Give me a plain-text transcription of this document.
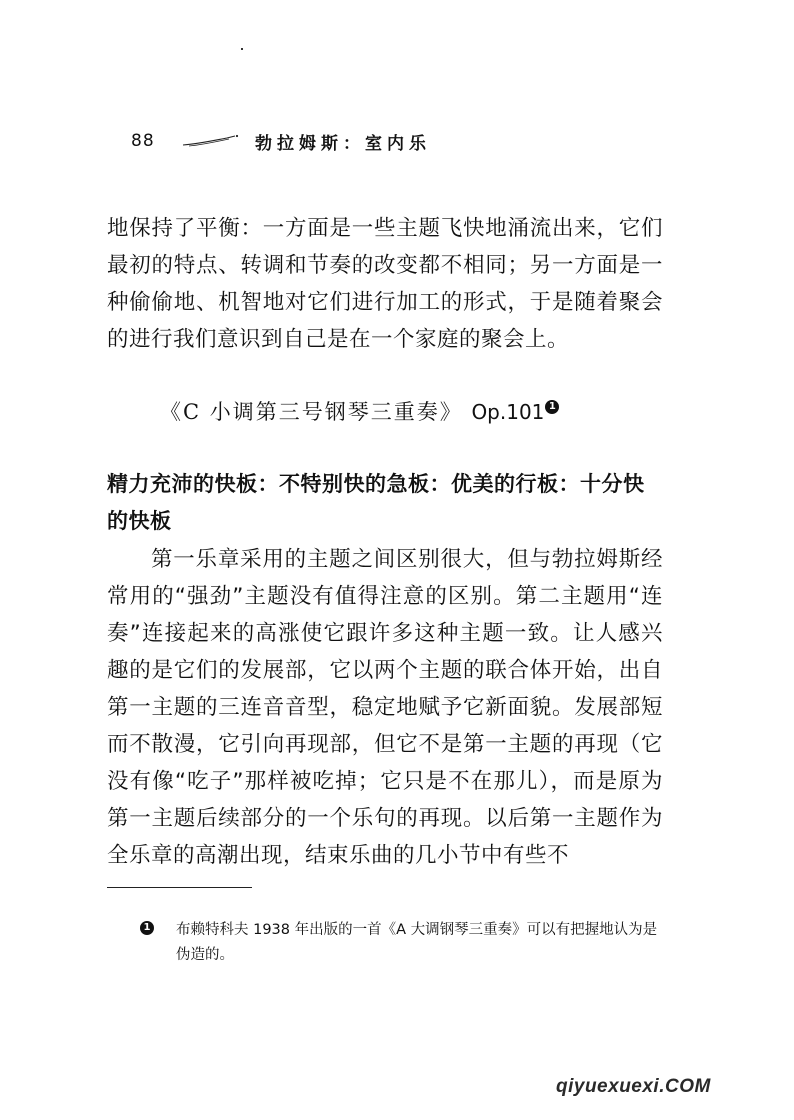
88	勃拉姆斯：室内乐

地保持了平衡：一方面是一些主题飞快地涌流出来，它们最初的特点、转调和节奏的改变都不相同；另一方面是一种偷偷地、机智地对它们进行加工的形式，于是随着聚会的进行我们意识到自己是在一个家庭的聚会上。

《C 小调第三号钢琴三重奏》 Op.101 1

精力充沛的快板：不特别快的急板：优美的行板：十分快的快板

第一乐章采用的主题之间区别很大，但与勃拉姆斯经常用的“强劲”主题没有值得注意的区别。第二主题用“连奏”连接起来的高涨使它跟许多这种主题一致。让人感兴趣的是它们的发展部，它以两个主题的联合体开始，出自第一主题的三连音音型，稳定地赋予它新面貌。发展部短而不散漫，它引向再现部，但它不是第一主题的再现（它没有像“吃子”那样被吃掉；它只是不在那儿），而是原为第一主题后续部分的一个乐句的再现。以后第一主题作为全乐章的高潮出现，结束乐曲的几小节中有些不

1 布赖特科夫 1938 年出版的一首《A 大调钢琴三重奏》可以有把握地认为是伪造的。

qiyuexuexi.COM
